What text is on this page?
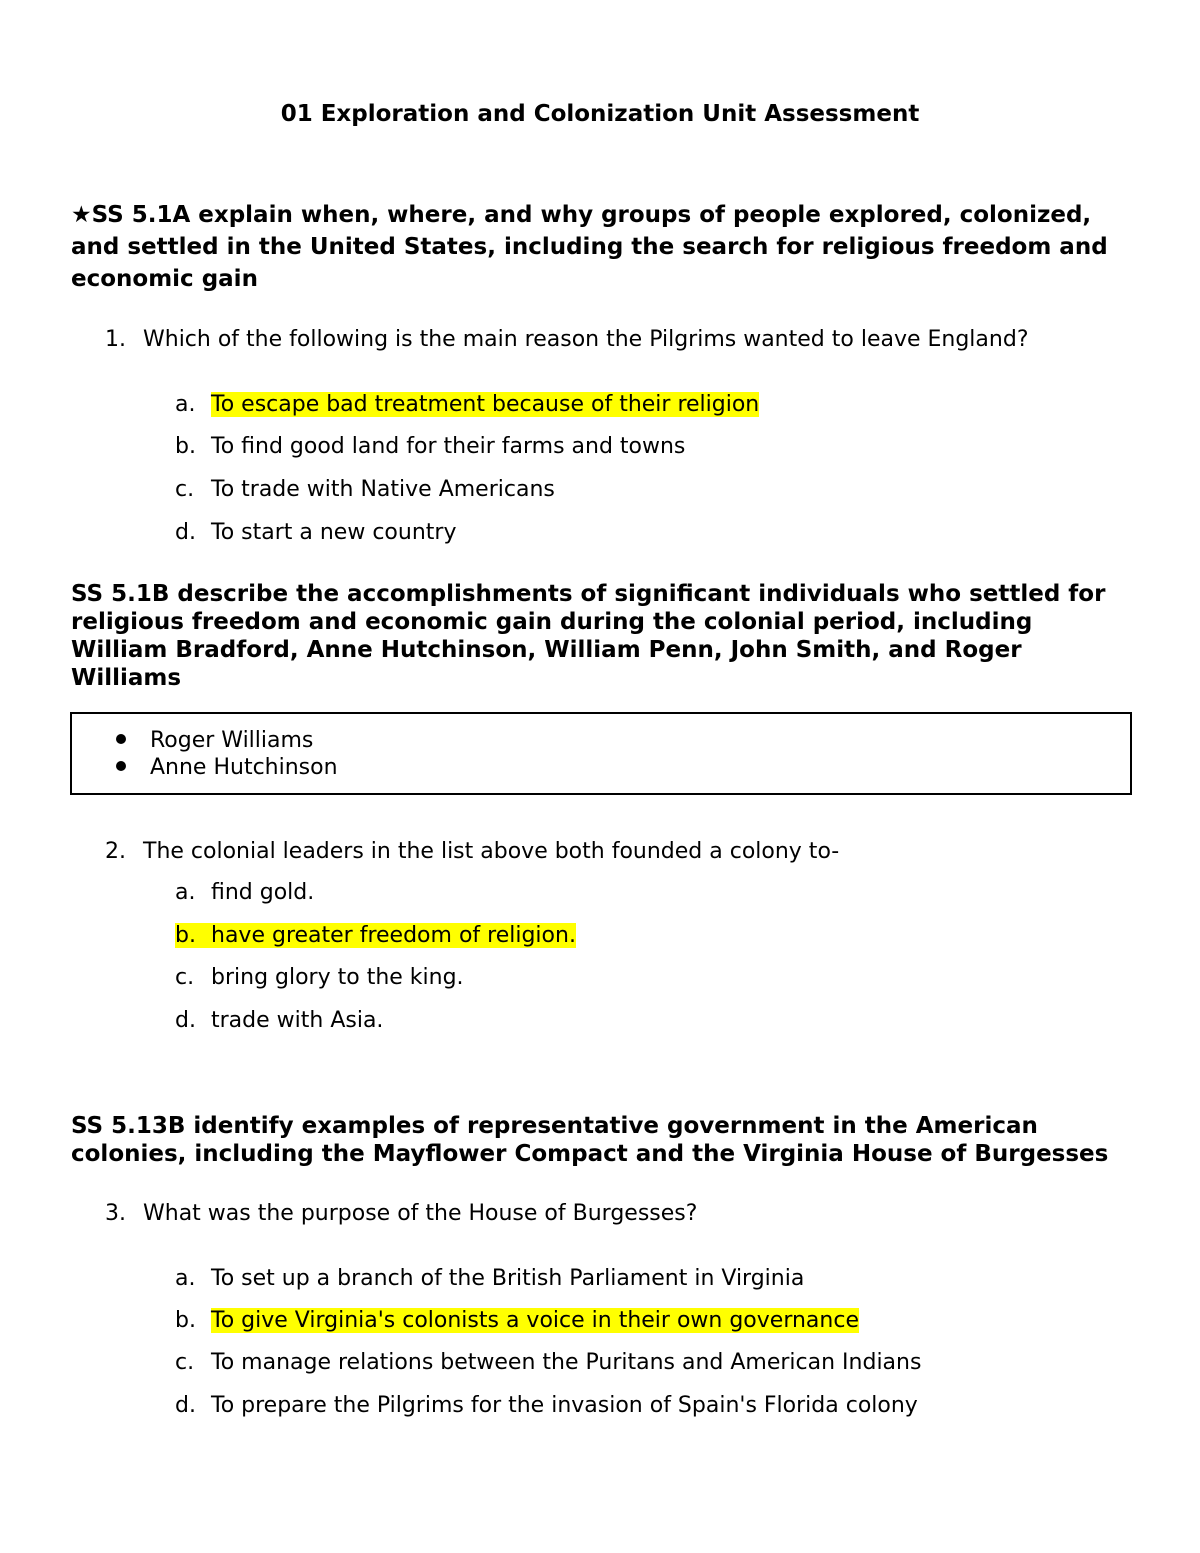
01 Exploration and Colonization Unit Assessment

★SS 5.1A explain when, where, and why groups of people explored, colonized, and settled in the United States, including the search for religious freedom and economic gain

1. Which of the following is the main reason the Pilgrims wanted to leave England?
a. To escape bad treatment because of their religion
b. To find good land for their farms and towns
c. To trade with Native Americans
d. To start a new country

SS 5.1B describe the accomplishments of significant individuals who settled for religious freedom and economic gain during the colonial period, including William Bradford, Anne Hutchinson, William Penn, John Smith, and Roger Williams

Roger Williams
Anne Hutchinson
2. The colonial leaders in the list above both founded a colony to-
a. find gold.
b. have greater freedom of religion.
c. bring glory to the king.
d. trade with Asia.

SS 5.13B identify examples of representative government in the American colonies, including the Mayflower Compact and the Virginia House of Burgesses

3. What was the purpose of the House of Burgesses?
a. To set up a branch of the British Parliament in Virginia
b. To give Virginia's colonists a voice in their own governance
c. To manage relations between the Puritans and American Indians
d. To prepare the Pilgrims for the invasion of Spain's Florida colony
